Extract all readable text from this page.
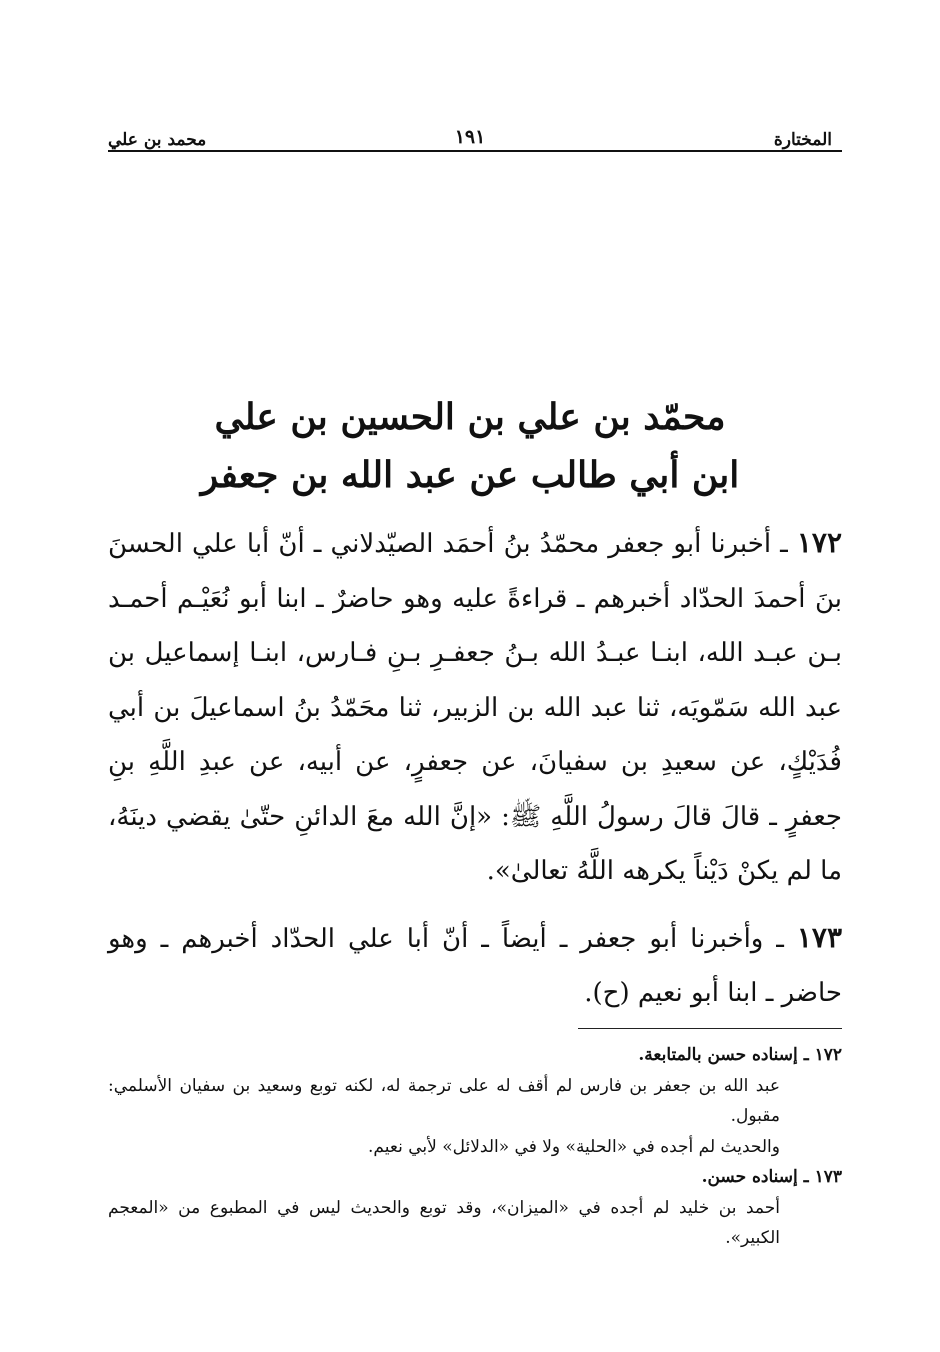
المختارة
١٩١
محمد بن علي
محمّد بن علي بن الحسين بن علي
ابن أبي طالب عن عبد الله بن جعفر

١٧٢ ـ أخبرنا أبو جعفر محمّدُ بنُ أحمَد الصيّدلاني ـ أنّ أبا علي الحسنَ بنَ أحمدَ الحدّاد أخبرهم ـ قراءةً عليه وهو حاضرٌ ـ ابنا أبو نُعَيْـم أحمـد بـن عبـد الله، ابنـا عبـدُ الله بـنُ جعفـرِ بـنِ فـارس، ابنـا إسماعيل بن عبد الله سَمّويَه، ثنا عبد الله بن الزبير، ثنا محَمّدُ بنُ اسماعيلَ بن أبي فُدَيْكٍ، عن سعيدِ بن سفيانَ، عن جعفرٍ، عن أبيه، عن عبدِ اللَّهِ بنِ جعفرٍ ـ قالَ قالَ رسولُ اللَّهِ ﷺ: «إنَّ الله معَ الدائنِ حتّىٰ يقضي دينَهُ، ما لم يكنْ دَيْناً يكرهه اللَّهُ تعالىٰ».

١٧٣ ـ وأخبرنا أبو جعفر ـ أيضاً ـ أنّ أبا علي الحدّاد أخبرهم ـ وهو حاضر ـ ابنا أبو نعيم (ح).

١٧٢ ـ إسناده حسن بالمتابعة.

عبد الله بن جعفر بن فارس لم أقف له على ترجمة له، لكنه توبع وسعيد بن سفيان الأسلمي: مقبول.

والحديث لم أجده في «الحلية» ولا في «الدلائل» لأبي نعيم.

١٧٣ ـ إسناده حسن.

أحمد بن خليد لم أجده في «الميزان»، وقد توبع والحديث ليس في المطبوع من «المعجم الكبير».
